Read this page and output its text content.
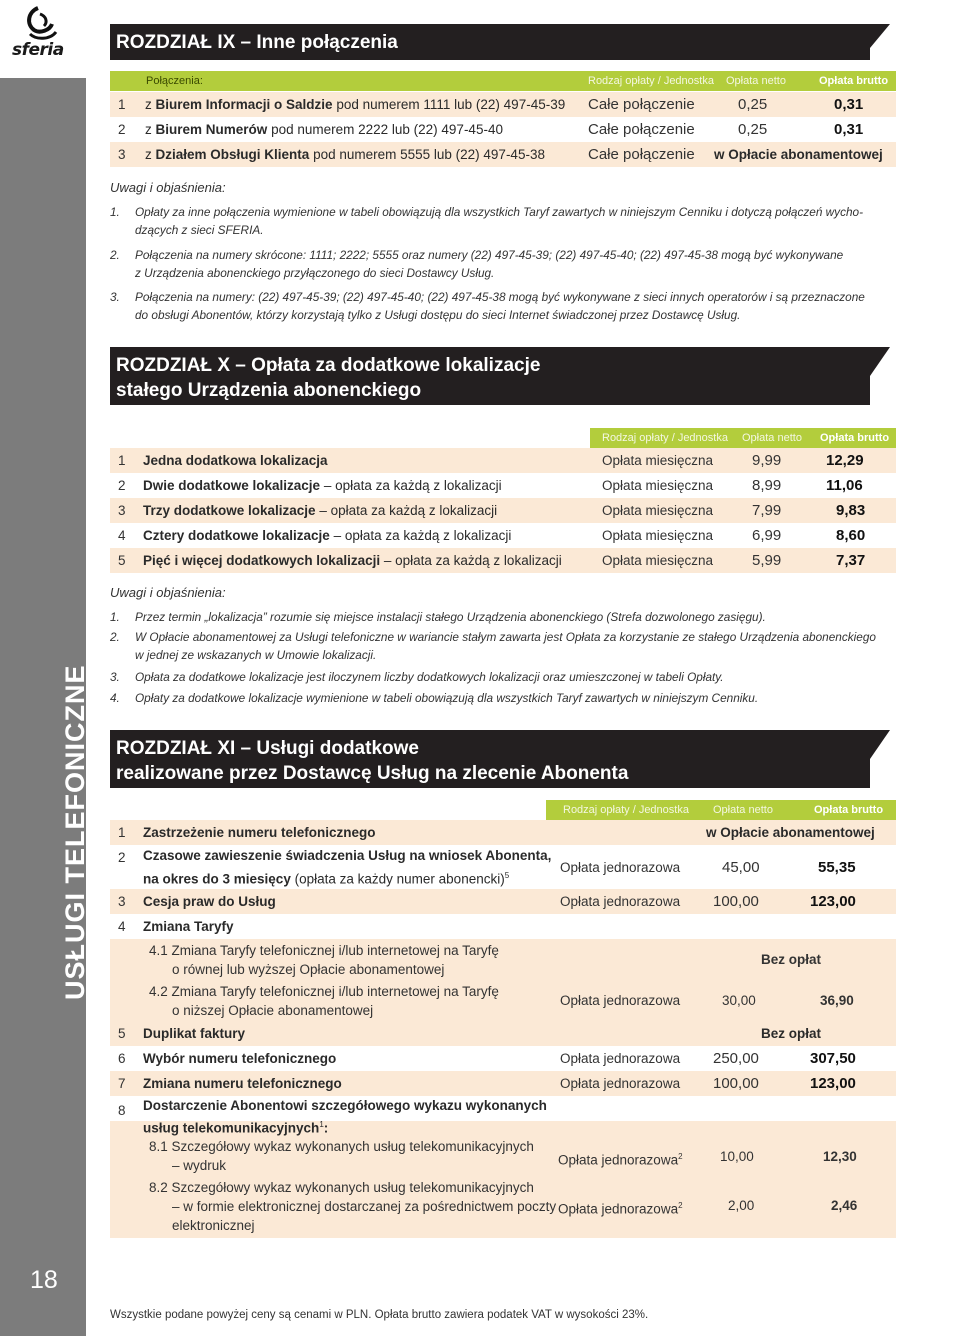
sferia
USŁUGI TELEFONICZNE
18
ROZDZIAŁ IX – Inne połączenia
Połączenia:	Rodzaj opłaty / Jednostka Opłata netto	Opłata brutto
1 z Biurem Informacji o Saldzie pod numerem 1111 lub (22) 497-45-39 Całe połączenie	0,25	0,31
2 z Biurem Numerów pod numerem 2222 lub (22) 497-45-40	Całe połączenie	0,25	0,31
3 z Działem Obsługi Klienta pod numerem 5555 lub (22) 497-45-38	Całe połączenie w Opłacie abonamentowej
Uwagi i objaśnienia:
1. Opłaty za inne połączenia wymienione w tabeli obowiązują dla wszystkich Taryf zawartych w niniejszym Cenniku i dotyczą połączeń wycho-
dzących z sieci SFERIA.
2. Połączenia na numery skrócone: 1111; 2222; 5555 oraz numery (22) 497-45-39; (22) 497-45-40; (22) 497-45-38 mogą być wykonywane
z Urządzenia abonenckiego przyłączonego do sieci Dostawcy Usług.
3. Połączenia na numery: (22) 497-45-39; (22) 497-45-40; (22) 497-45-38 mogą być wykonywane z sieci innych operatorów i są przeznaczone
do obsługi Abonentów, którzy korzystają tylko z Usługi dostępu do sieci Internet świadczonej przez Dostawcę Usług.
ROZDZIAŁ X – Opłata za dodatkowe lokalizacje
stałego Urządzenia abonenckiego
Rodzaj opłaty / Jednostka Opłata netto Opłata brutto
1 Jedna dodatkowa lokalizacja	Opłata miesięczna	9,99	12,29
2 Dwie dodatkowe lokalizacje – opłata za każdą z lokalizacji	Opłata miesięczna	8,99	11,06
3 Trzy dodatkowe lokalizacje – opłata za każdą z lokalizacji	Opłata miesięczna	7,99	9,83
4 Cztery dodatkowe lokalizacje – opłata za każdą z lokalizacji	Opłata miesięczna	6,99	8,60
5 Pięć i więcej dodatkowych lokalizacji – opłata za każdą z lokalizacji	Opłata miesięczna	5,99	7,37
Uwagi i objaśnienia:
1. Przez termin „lokalizacja” rozumie się miejsce instalacji stałego Urządzenia abonenckiego (Strefa dozwolonego zasięgu).
2. W Opłacie abonamentowej za Usługi telefoniczne w wariancie stałym zawarta jest Opłata za korzystanie ze stałego Urządzenia abonenckiego
w jednej ze wskazanych w Umowie lokalizacji.
3. Opłata za dodatkowe lokalizacje jest iloczynem liczby dodatkowych lokalizacji oraz umieszczonej w tabeli Opłaty.
4. Opłaty za dodatkowe lokalizacje wymienione w tabeli obowiązują dla wszystkich Taryf zawartych w niniejszym Cenniku.
ROZDZIAŁ XI – Usługi dodatkowe
realizowane przez Dostawcę Usług na zlecenie Abonenta
Rodzaj opłaty / Jednostka Opłata netto	Opłata brutto
1 Zastrzeżenie numeru telefonicznego	w Opłacie abonamentowej
2 Czasowe zawieszenie świadczenia Usług na wniosek Abonenta,
na okres do 3 miesięcy (opłata za każdy numer abonencki)$^5$
Opłata jednorazowa	45,00	55,35
3 Cesja praw do Usług	Opłata jednorazowa 100,00	123,00
4 Zmiana Taryfy
4.1 Zmiana Taryfy telefonicznej i/lub internetowej na Taryfę
o równej lub wyższej Opłacie abonamentowej
Bez opłat
4.2 Zmiana Taryfy telefonicznej i/lub internetowej na Taryfę
o niższej Opłacie abonamentowej
Opłata jednorazowa	30,00	36,90
5 Duplikat faktury	Bez opłat
6 Wybór numeru telefonicznego	Opłata jednorazowa 250,00	307,50
7 Zmiana numeru telefonicznego	Opłata jednorazowa 100,00	123,00
8 Dostarczenie Abonentowi szczegółowego wykazu wykonanych
usług telekomunikacyjnych$^1$:
8.1 Szczegółowy wykaz wykonanych usług telekomunikacyjnych
– wydruk	Opłata jednorazowa$^2$	10,00	12,30
8.2 Szczegółowy wykaz wykonanych usług telekomunikacyjnych
– w formie elektronicznej dostarczanej za pośrednictwem poczty
elektronicznej
Opłata jednorazowa$^2$	2,00	2,46
Wszystkie podane powyżej ceny są cenami w PLN. Opłata brutto zawiera podatek VAT w wysokości 23%.
